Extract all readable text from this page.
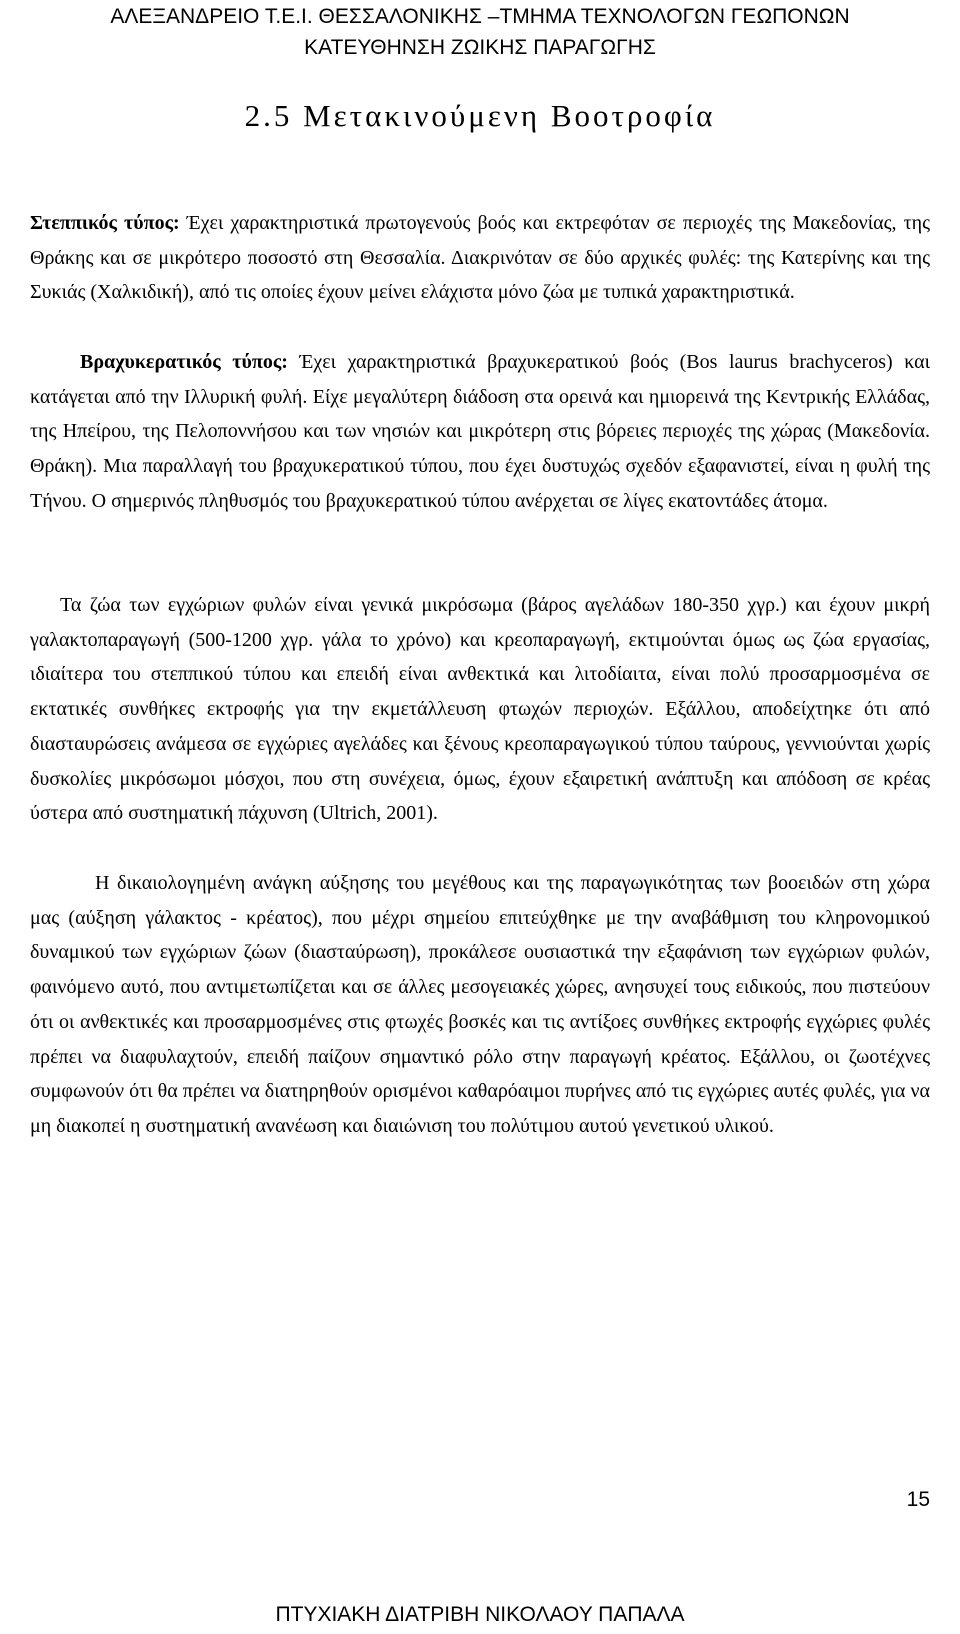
ΑΛΕΞΑΝΔΡΕΙΟ Τ.Ε.Ι. ΘΕΣΣΑΛΟΝΙΚΗΣ –ΤΜΗΜΑ ΤΕΧΝΟΛΟΓΩΝ ΓΕΩΠΟΝΩΝ
ΚΑΤΕΥΘΗΝΣΗ ΖΩΙΚΗΣ ΠΑΡΑΓΩΓΗΣ
2.5 Μετακινούμενη Βοοτροφία

Στεππικός τύπος: Έχει χαρακτηριστικά πρωτογενούς βοός και εκτρεφόταν σε περιοχές της Μακεδονίας, της Θράκης και σε μικρότερο ποσοστό στη Θεσσαλία. Διακρινόταν σε δύο αρχικές φυλές: της Κατερίνης και της Συκιάς (Χαλκιδική), από τις οποίες έχουν μείνει ελάχιστα μόνο ζώα με τυπικά χαρακτηριστικά.

Βραχυκερατικός τύπος: Έχει χαρακτηριστικά βραχυκερατικού βοός (Bos laurus brachyceros) και κατάγεται από την Ιλλυρική φυλή. Είχε μεγαλύτερη διάδοση στα ορεινά και ημιορεινά της Κεντρικής Ελλάδας, της Ηπείρου, της Πελοποννήσου και των νησιών και μικρότερη στις βόρειες περιοχές της χώρας (Μακεδονία. Θράκη). Μια παραλλαγή του βραχυκερατικού τύπου, που έχει δυστυχώς σχεδόν εξαφανιστεί, είναι η φυλή της Τήνου. Ο σημερινός πληθυσμός του βραχυκερατικού τύπου ανέρχεται σε λίγες εκατοντάδες άτομα.

Τα ζώα των εγχώριων φυλών είναι γενικά μικρόσωμα (βάρος αγελάδων 180-350 χγρ.) και έχουν μικρή γαλακτοπαραγωγή (500-1200 χγρ. γάλα το χρόνο) και κρεοπαραγωγή, εκτιμούνται όμως ως ζώα εργασίας, ιδιαίτερα του στεππικού τύπου και επειδή είναι ανθεκτικά και λιτοδίαιτα, είναι πολύ προσαρμοσμένα σε εκτατικές συνθήκες εκτροφής για την εκμετάλλευση φτωχών περιοχών. Εξάλλου, αποδείχτηκε ότι από διασταυρώσεις ανάμεσα σε εγχώριες αγελάδες και ξένους κρεοπαραγωγικού τύπου ταύρους, γεννιούνται χωρίς δυσκολίες μικρόσωμοι μόσχοι, που στη συνέχεια, όμως, έχουν εξαιρετική ανάπτυξη και απόδοση σε κρέας ύστερα από συστηματική πάχυνση (Ultrich, 2001).

Η δικαιολογημένη ανάγκη αύξησης του μεγέθους και της παραγωγικότητας των βοοειδών στη χώρα μας (αύξηση γάλακτος - κρέατος), που μέχρι σημείου επιτεύχθηκε με την αναβάθμιση του κληρονομικού δυναμικού των εγχώριων ζώων (διασταύρωση), προκάλεσε ουσιαστικά την εξαφάνιση των εγχώριων φυλών, φαινόμενο αυτό, που αντιμετωπίζεται και σε άλλες μεσογειακές χώρες, ανησυχεί τους ειδικούς, που πιστεύουν ότι οι ανθεκτικές και προσαρμοσμένες στις φτωχές βοσκές και τις αντίξοες συνθήκες εκτροφής εγχώριες φυλές πρέπει να διαφυλαχτούν, επειδή παίζουν σημαντικό ρόλο στην παραγωγή κρέατος. Εξάλλου, οι ζωοτέχνες συμφωνούν ότι θα πρέπει να διατηρηθούν ορισμένοι καθαρόαιμοι πυρήνες από τις εγχώριες αυτές φυλές, για να μη διακοπεί η συστηματική ανανέωση και διαιώνιση του πολύτιμου αυτού γενετικού υλικού.

15
ΠΤΥΧΙΑΚΗ ΔΙΑΤΡΙΒΗ ΝΙΚΟΛΑΟΥ ΠΑΠΑΛΑ
